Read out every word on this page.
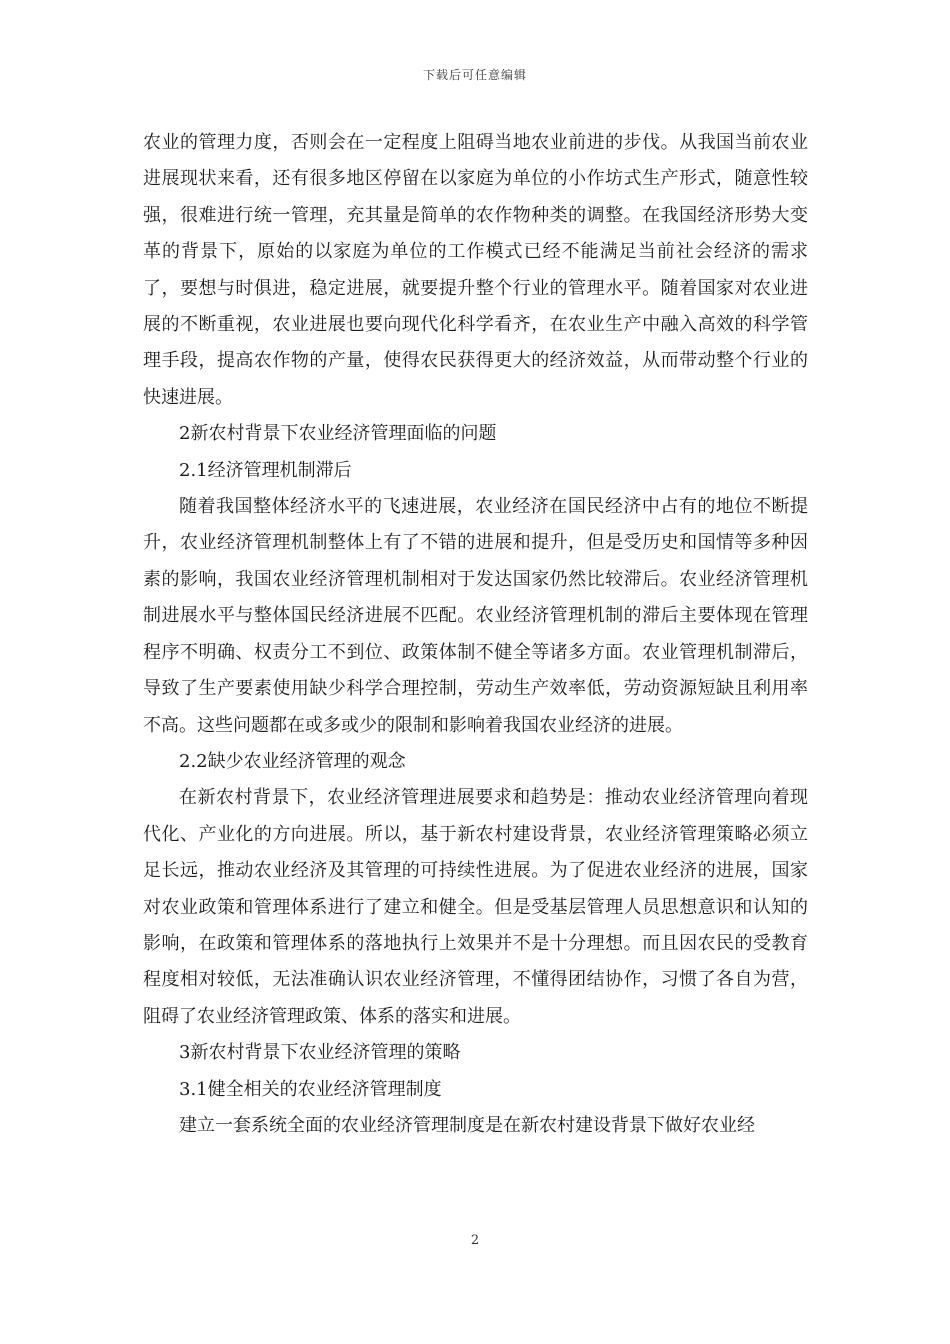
下载后可任意编辑

农业的管理力度，否则会在一定程度上阻碍当地农业前进的步伐。从我国当前农业进展现状来看，还有很多地区停留在以家庭为单位的小作坊式生产形式，随意性较强，很难进行统一管理，充其量是简单的农作物种类的调整。在我国经济形势大变革的背景下，原始的以家庭为单位的工作模式已经不能满足当前社会经济的需求了，要想与时俱进，稳定进展，就要提升整个行业的管理水平。随着国家对农业进展的不断重视，农业进展也要向现代化科学看齐，在农业生产中融入高效的科学管理手段，提高农作物的产量，使得农民获得更大的经济效益，从而带动整个行业的快速进展。

2新农村背景下农业经济管理面临的问题

2.1经济管理机制滞后

随着我国整体经济水平的飞速进展，农业经济在国民经济中占有的地位不断提升，农业经济管理机制整体上有了不错的进展和提升，但是受历史和国情等多种因素的影响，我国农业经济管理机制相对于发达国家仍然比较滞后。农业经济管理机制进展水平与整体国民经济进展不匹配。农业经济管理机制的滞后主要体现在管理程序不明确、权责分工不到位、政策体制不健全等诸多方面。农业管理机制滞后，导致了生产要素使用缺少科学合理控制，劳动生产效率低，劳动资源短缺且利用率不高。这些问题都在或多或少的限制和影响着我国农业经济的进展。

2.2缺少农业经济管理的观念

在新农村背景下，农业经济管理进展要求和趋势是：推动农业经济管理向着现代化、产业化的方向进展。所以，基于新农村建设背景，农业经济管理策略必须立足长远，推动农业经济及其管理的可持续性进展。为了促进农业经济的进展，国家对农业政策和管理体系进行了建立和健全。但是受基层管理人员思想意识和认知的影响，在政策和管理体系的落地执行上效果并不是十分理想。而且因农民的受教育程度相对较低，无法准确认识农业经济管理，不懂得团结协作，习惯了各自为营，阻碍了农业经济管理政策、体系的落实和进展。

3新农村背景下农业经济管理的策略

3.1健全相关的农业经济管理制度

建立一套系统全面的农业经济管理制度是在新农村建设背景下做好农业经

2
